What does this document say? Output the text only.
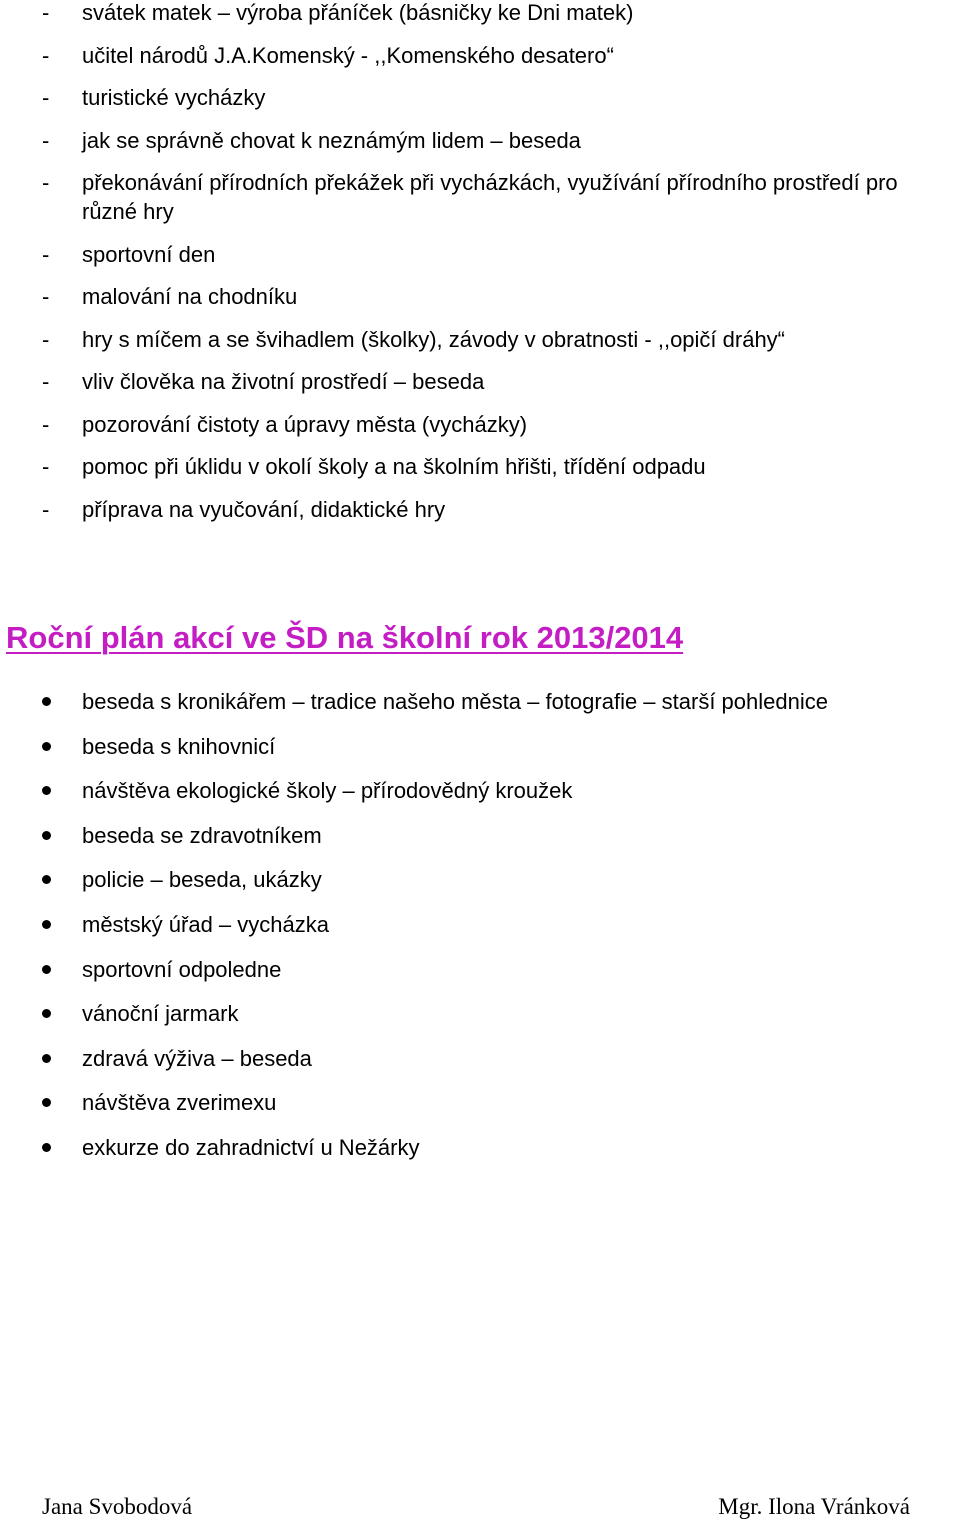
- svátek matek – výroba přáníček (básničky ke Dni matek)
- učitel národů J.A.Komenský - ,,Komenského desatero“
- turistické vycházky
- jak se správně chovat k neznámým lidem – beseda
- překonávání přírodních překážek při vycházkách, využívání přírodního prostředí pro různé hry
- sportovní den
- malování na chodníku
- hry s míčem a se švihadlem (školky), závody v obratnosti - ,,opičí dráhy“
- vliv člověka na životní prostředí – beseda
- pozorování čistoty a úpravy města (vycházky)
- pomoc při úklidu v okolí školy a na školním hřišti, třídění odpadu
- příprava na vyučování, didaktické hry
Roční plán akcí ve ŠD na školní rok 2013/2014
beseda s kronikářem – tradice našeho města – fotografie – starší pohlednice
beseda s knihovnicí
návštěva ekologické školy – přírodovědný kroužek
beseda se zdravotníkem
policie – beseda, ukázky
městský úřad – vycházka
sportovní odpoledne
vánoční jarmark
zdravá výživa – beseda
návštěva zverimexu
exkurze do zahradnictví u Nežárky
Jana Svobodová	Mgr. Ilona Vránková
